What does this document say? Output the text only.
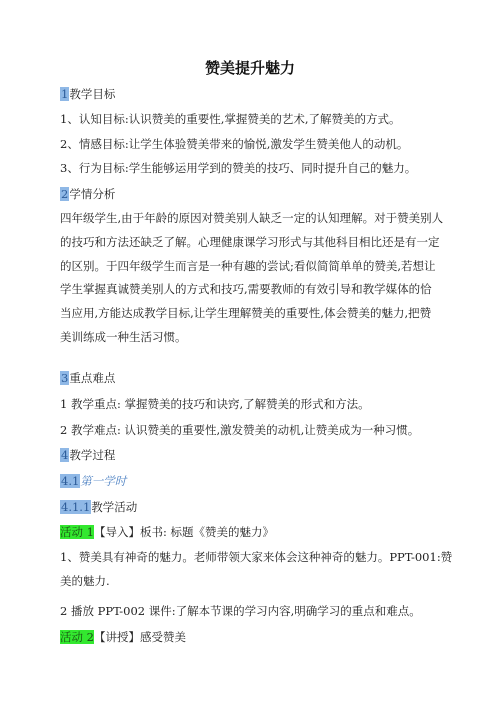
赞美提升魅力
1教学目标
1、认知目标:认识赞美的重要性,掌握赞美的艺术,了解赞美的方式。
2、情感目标:让学生体验赞美带来的愉悦,激发学生赞美他人的动机。
3、行为目标:学生能够运用学到的赞美的技巧、同时提升自己的魅力。
2学情分析
四年级学生,由于年龄的原因对赞美别人缺乏一定的认知理解。对于赞美别人
的技巧和方法还缺乏了解。心理健康课学习形式与其他科目相比还是有一定
的区别。于四年级学生而言是一种有趣的尝试;看似简简单单的赞美,若想让
学生掌握真诚赞美别人的方式和技巧,需要教师的有效引导和教学媒体的恰
当应用,方能达成教学目标,让学生理解赞美的重要性,体会赞美的魅力,把赞
美训练成一种生活习惯。
3重点难点
1 教学重点: 掌握赞美的技巧和诀窍,了解赞美的形式和方法。
2 教学难点: 认识赞美的重要性,激发赞美的动机,让赞美成为一种习惯。
4教学过程
4.1第一学时
4.1.1教学活动
活动 1【导入】板书: 标题《赞美的魅力》
1、赞美具有神奇的魅力。老师带领大家来体会这种神奇的魅力。PPT-001:赞
美的魅力.
2 播放 PPT-002 课件:了解本节课的学习内容,明确学习的重点和难点。
活动 2【讲授】感受赞美
